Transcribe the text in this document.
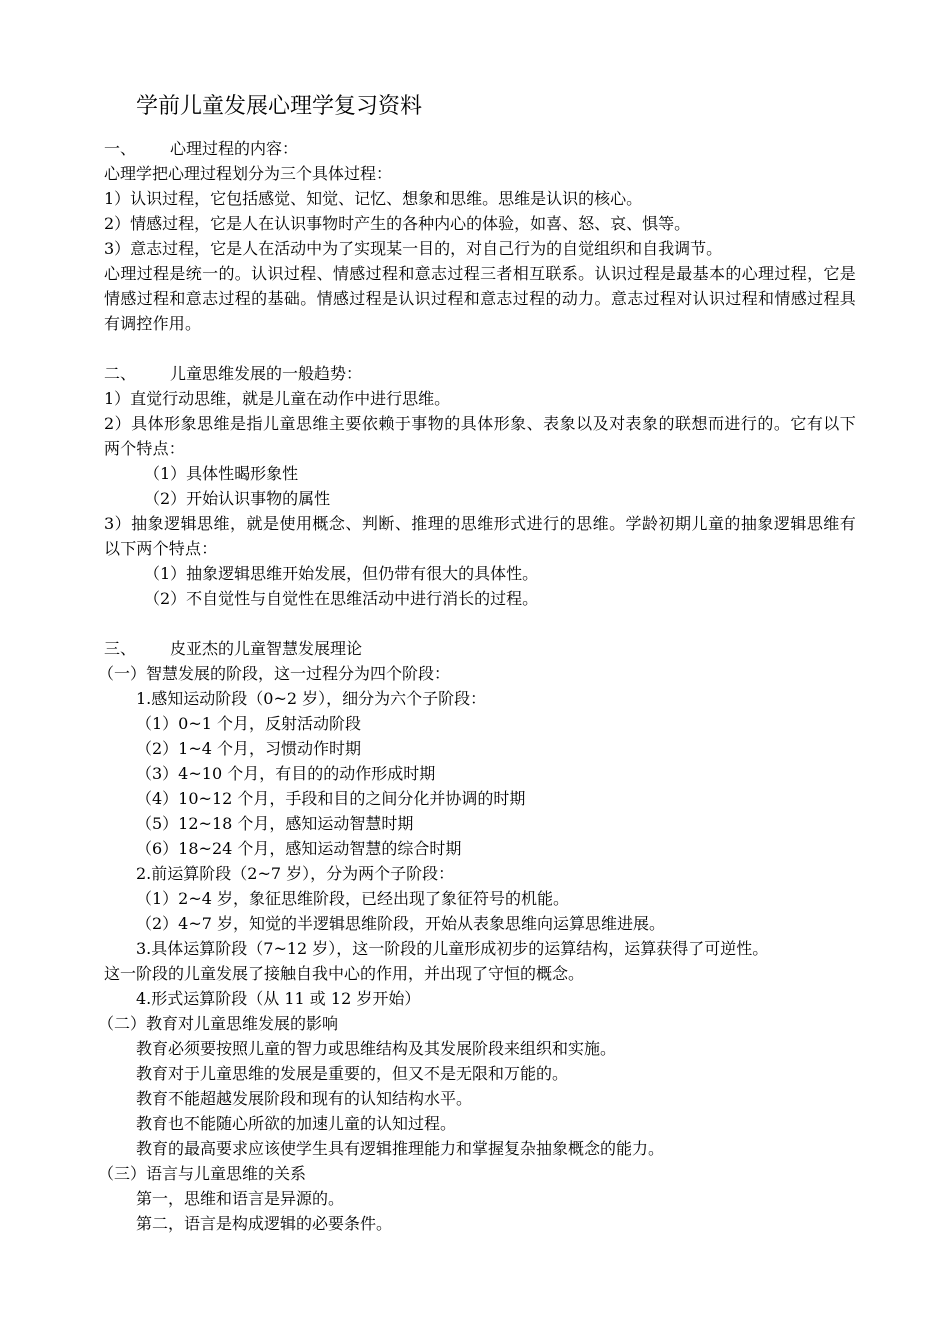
学前儿童发展心理学复习资料
一、 心理过程的内容：
心理学把心理过程划分为三个具体过程：
1）认识过程，它包括感觉、知觉、记忆、想象和思维。思维是认识的核心。
2）情感过程，它是人在认识事物时产生的各种内心的体验，如喜、怒、哀、惧等。
3）意志过程，它是人在活动中为了实现某一目的，对自己行为的自觉组织和自我调节。
心理过程是统一的。认识过程、情感过程和意志过程三者相互联系。认识过程是最基本的心理过程，它是情感过程和意志过程的基础。情感过程是认识过程和意志过程的动力。意志过程对认识过程和情感过程具有调控作用。
二、 儿童思维发展的一般趋势：
1）直觉行动思维，就是儿童在动作中进行思维。
2）具体形象思维是指儿童思维主要依赖于事物的具体形象、表象以及对表象的联想而进行的。它有以下两个特点：
（1）具体性暍形象性
（2）开始认识事物的属性
3）抽象逻辑思维，就是使用概念、判断、推理的思维形式进行的思维。学龄初期儿童的抽象逻辑思维有以下两个特点：
（1）抽象逻辑思维开始发展，但仍带有很大的具体性。
（2）不自觉性与自觉性在思维活动中进行消长的过程。
三、 皮亚杰的儿童智慧发展理论
（一）智慧发展的阶段，这一过程分为四个阶段：
1.感知运动阶段（0~2 岁），细分为六个子阶段：
（1）0~1 个月，反射活动阶段
（2）1~4 个月，习惯动作时期
（3）4~10 个月，有目的的动作形成时期
（4）10~12 个月，手段和目的之间分化并协调的时期
（5）12~18 个月，感知运动智慧时期
（6）18~24 个月，感知运动智慧的综合时期
2.前运算阶段（2~7 岁），分为两个子阶段：
（1）2~4 岁，象征思维阶段，已经出现了象征符号的机能。
（2）4~7 岁，知觉的半逻辑思维阶段，开始从表象思维向运算思维进展。
3.具体运算阶段（7~12 岁），这一阶段的儿童形成初步的运算结构，运算获得了可逆性。
这一阶段的儿童发展了接触自我中心的作用，并出现了守恒的概念。
4.形式运算阶段（从 11 或 12 岁开始）
（二）教育对儿童思维发展的影响
教育必须要按照儿童的智力或思维结构及其发展阶段来组织和实施。
教育对于儿童思维的发展是重要的，但又不是无限和万能的。
教育不能超越发展阶段和现有的认知结构水平。
教育也不能随心所欲的加速儿童的认知过程。
教育的最高要求应该使学生具有逻辑推理能力和掌握复杂抽象概念的能力。
（三）语言与儿童思维的关系
第一，思维和语言是异源的。
第二，语言是构成逻辑的必要条件。
